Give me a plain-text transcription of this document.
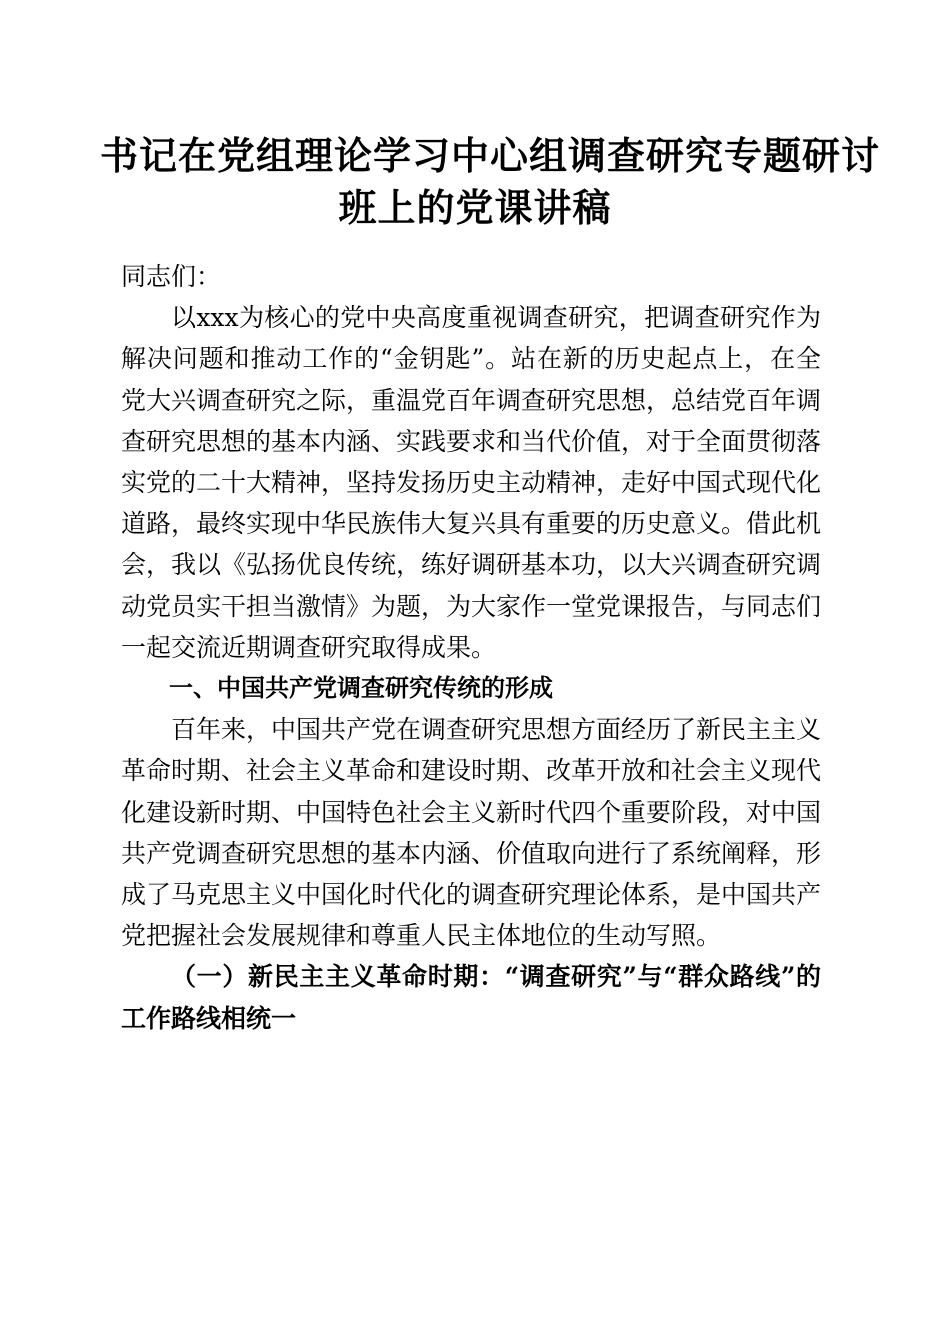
书记在党组理论学习中心组调查研究专题研讨
班上的党课讲稿

同志们：

以xxx为核心的党中央高度重视调查研究，把调查研究作为解决问题和推动工作的“金钥匙”。站在新的历史起点上，在全党大兴调查研究之际，重温党百年调查研究思想，总结党百年调查研究思想的基本内涵、实践要求和当代价值，对于全面贯彻落实党的二十大精神，坚持发扬历史主动精神，走好中国式现代化道路，最终实现中华民族伟大复兴具有重要的历史意义。借此机会，我以《弘扬优良传统，练好调研基本功，以大兴调查研究调动党员实干担当激情》为题，为大家作一堂党课报告，与同志们一起交流近期调查研究取得成果。

一、中国共产党调查研究传统的形成

百年来，中国共产党在调查研究思想方面经历了新民主主义革命时期、社会主义革命和建设时期、改革开放和社会主义现代化建设新时期、中国特色社会主义新时代四个重要阶段，对中国共产党调查研究思想的基本内涵、价值取向进行了系统阐释，形成了马克思主义中国化时代化的调查研究理论体系，是中国共产党把握社会发展规律和尊重人民主体地位的生动写照。

（一）新民主主义革命时期：“调查研究”与“群众路线”的工作路线相统一
